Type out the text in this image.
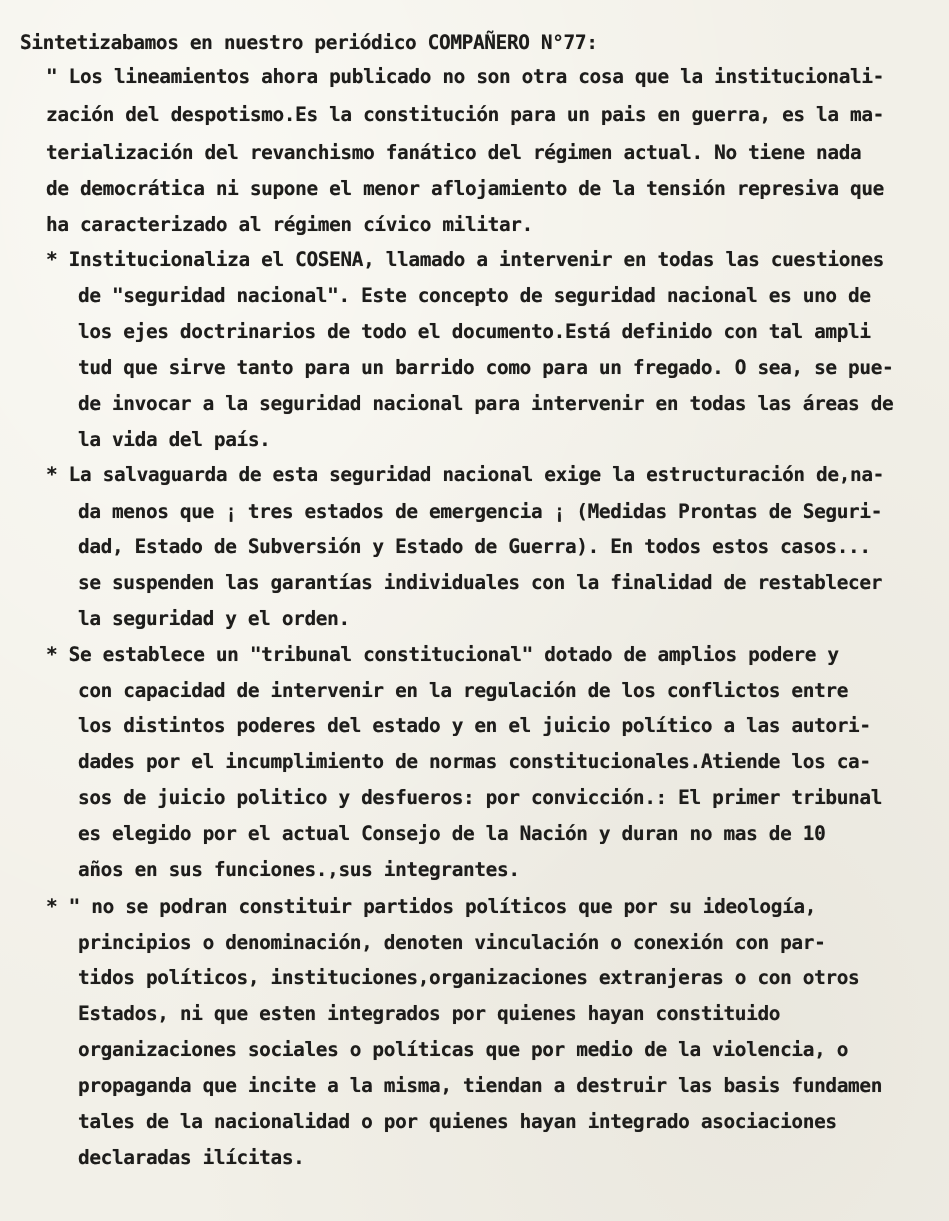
Sintetizabamos en nuestro periódico COMPAÑERO N°77:
" Los lineamientos ahora publicado no son otra cosa que la institucionali-
zación del despotismo.Es la constitución para un pais en guerra, es la ma-
terialización del revanchismo fanático del régimen actual. No tiene nada
de democrática ni supone el menor aflojamiento de la tensión represiva que
ha caracterizado al régimen cívico militar.
* Institucionaliza el COSENA, llamado a intervenir en todas las cuestiones
de "seguridad nacional". Este concepto de seguridad nacional es uno de
los ejes doctrinarios de todo el documento.Está definido con tal ampli
tud que sirve tanto para un barrido como para un fregado. O sea, se pue-
de invocar a la seguridad nacional para intervenir en todas las áreas de
la vida del país.
* La salvaguarda de esta seguridad nacional exige la estructuración de,na-
da menos que ¡ tres estados de emergencia ¡ (Medidas Prontas de Seguri-
dad, Estado de Subversión y Estado de Guerra). En todos estos casos...
se suspenden las garantías individuales con la finalidad de restablecer
la seguridad y el orden.
* Se establece un "tribunal constitucional" dotado de amplios podere y
con capacidad de intervenir en la regulación de los conflictos entre
los distintos poderes del estado y en el juicio político a las autori-
dades por el incumplimiento de normas constitucionales.Atiende los ca-
sos de juicio politico y desfueros: por convicción.: El primer tribunal
es elegido por el actual Consejo de la Nación y duran no mas de 10
años en sus funciones.,sus integrantes.
* " no se podran constituir partidos políticos que por su ideología,
principios o denominación, denoten vinculación o conexión con par-
tidos políticos, instituciones,organizaciones extranjeras o con otros
Estados, ni que esten integrados por quienes hayan constituido
organizaciones sociales o políticas que por medio de la violencia, o
propaganda que incite a la misma, tiendan a destruir las basis fundamen
tales de la nacionalidad o por quienes hayan integrado asociaciones
declaradas ilícitas.
